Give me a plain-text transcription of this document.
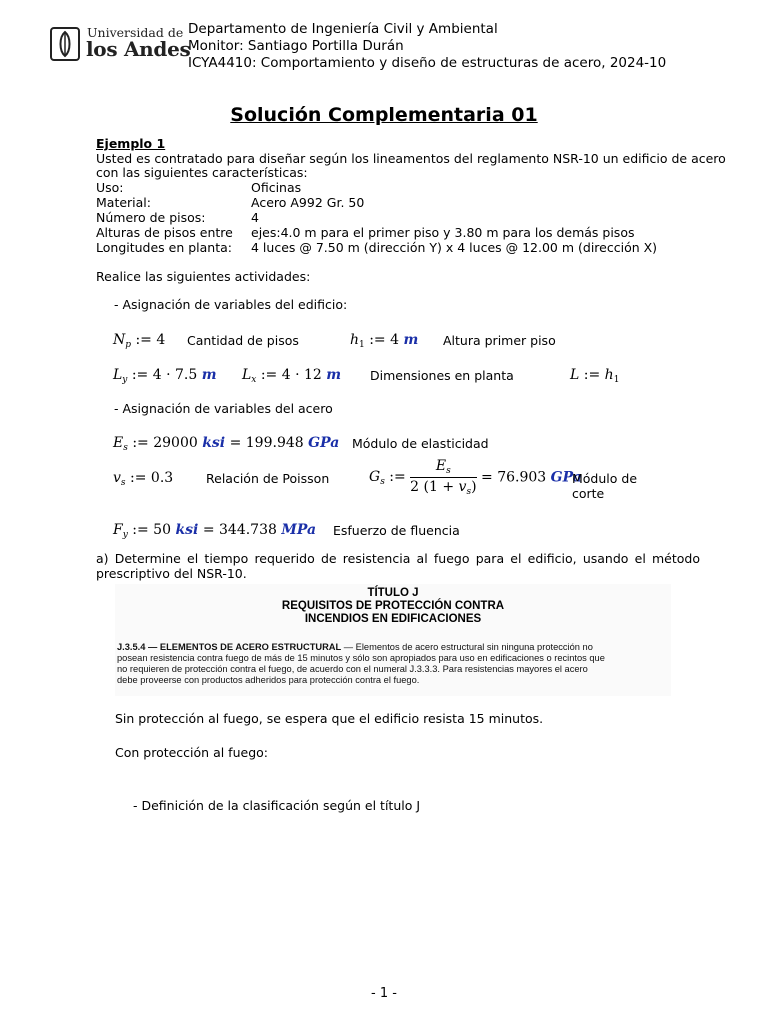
Universidad de
los Andes
Departamento de Ingeniería Civil y Ambiental
Monitor: Santiago Portilla Durán
ICYA4410: Comportamiento y diseño de estructuras de acero, 2024-10
Solución Complementaria 01
Ejemplo 1
Usted es contratado para diseñar según los lineamentos del reglamento NSR-10 un edificio de acero
con las siguientes características:
Uso:	Oficinas
Material:	Acero A992 Gr. 50
Número de pisos:	4
Alturas de pisos entre ejes:4.0 m para el primer piso y 3.80 m para los demás pisos
Longitudes en planta: 4 luces @ 7.50 m (dirección Y) x 4 luces @ 12.00 m (dirección X)
Realice las siguientes actividades:
- Asignación de variables del edificio:
$N_p$ := 4 Cantidad de pisos	$h_1$ := 4 m Altura primer piso
$L_y$ := 4 · 7.5 m $L_x$ := 4 · 12 m Dimensiones en planta	L := $h_1$
- Asignación de variables del acero
$E_s$ := 29000 ksi = 199.948 GPa Módulo de elasticidad
$v_s$ := 0.3	Relación de Poisson	$G_s$ := $\frac{E_s}{2 (1 + v_s)} = 76.903$ GPa
Módulo de
corte
$F_y$ := 50 ksi = 344.738 MPa Esfuerzo de fluencia
a) Determine el tiempo requerido de resistencia al fuego para el edificio, usando el método
prescriptivo del NSR-10.
TÍTULO J
REQUISITOS DE PROTECCIÓN CONTRA
INCENDIOS EN EDIFICACIONES
J.3.5.4 — ELEMENTOS DE ACERO ESTRUCTURAL — Elementos de acero estructural sin ninguna protección no
posean resistencia contra fuego de más de 15 minutos y sólo son apropiados para uso en edificaciones o recintos que
no requieren de protección contra el fuego, de acuerdo con el numeral J.3.3.3. Para resistencias mayores el acero
debe proveerse con productos adheridos para protección contra el fuego.
Sin protección al fuego, se espera que el edificio resista 15 minutos.
Con protección al fuego:
- Definición de la clasificación según el título J
- 1 -
